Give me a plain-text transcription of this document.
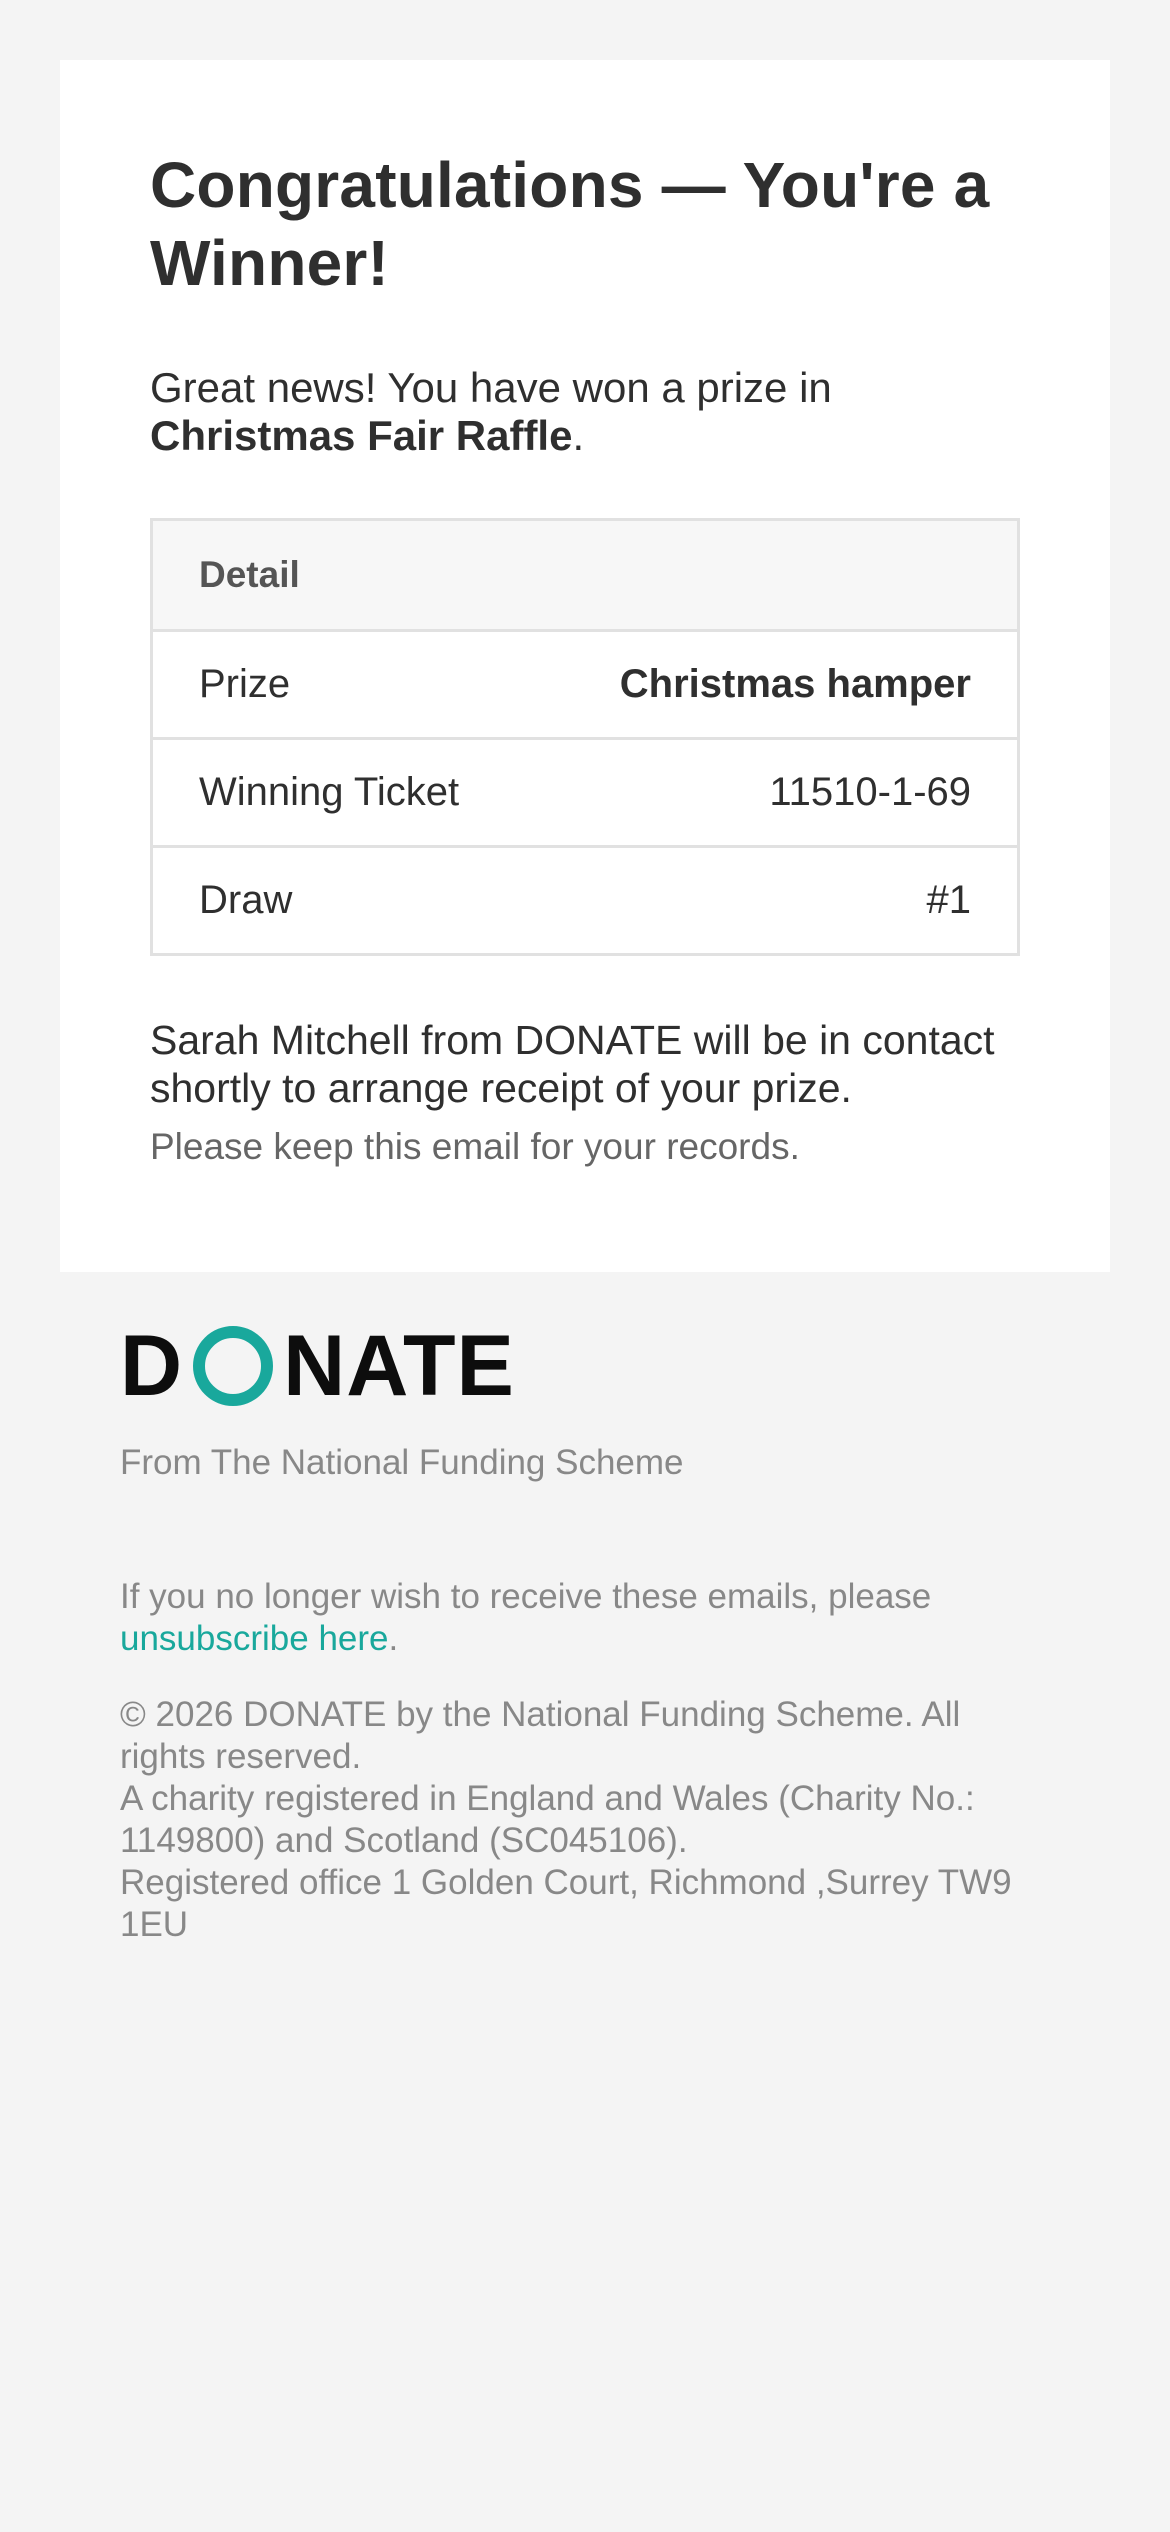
Congratulations — You're a Winner!

Great news! You have won a prize in Christmas Fair Raffle.

Detail
Prize	Christmas hamper
Winning Ticket	11510-1-69
Draw	#1

Sarah Mitchell from DONATE will be in contact shortly to arrange receipt of your prize.

Please keep this email for your records.

D NATE

From The National Funding Scheme

If you no longer wish to receive these emails, please unsubscribe here.

© 2026 DONATE by the National Funding Scheme. All rights reserved.
A charity registered in England and Wales (Charity No.: 1149800) and Scotland (SC045106).
Registered office 1 Golden Court, Richmond ,Surrey TW9 1EU
